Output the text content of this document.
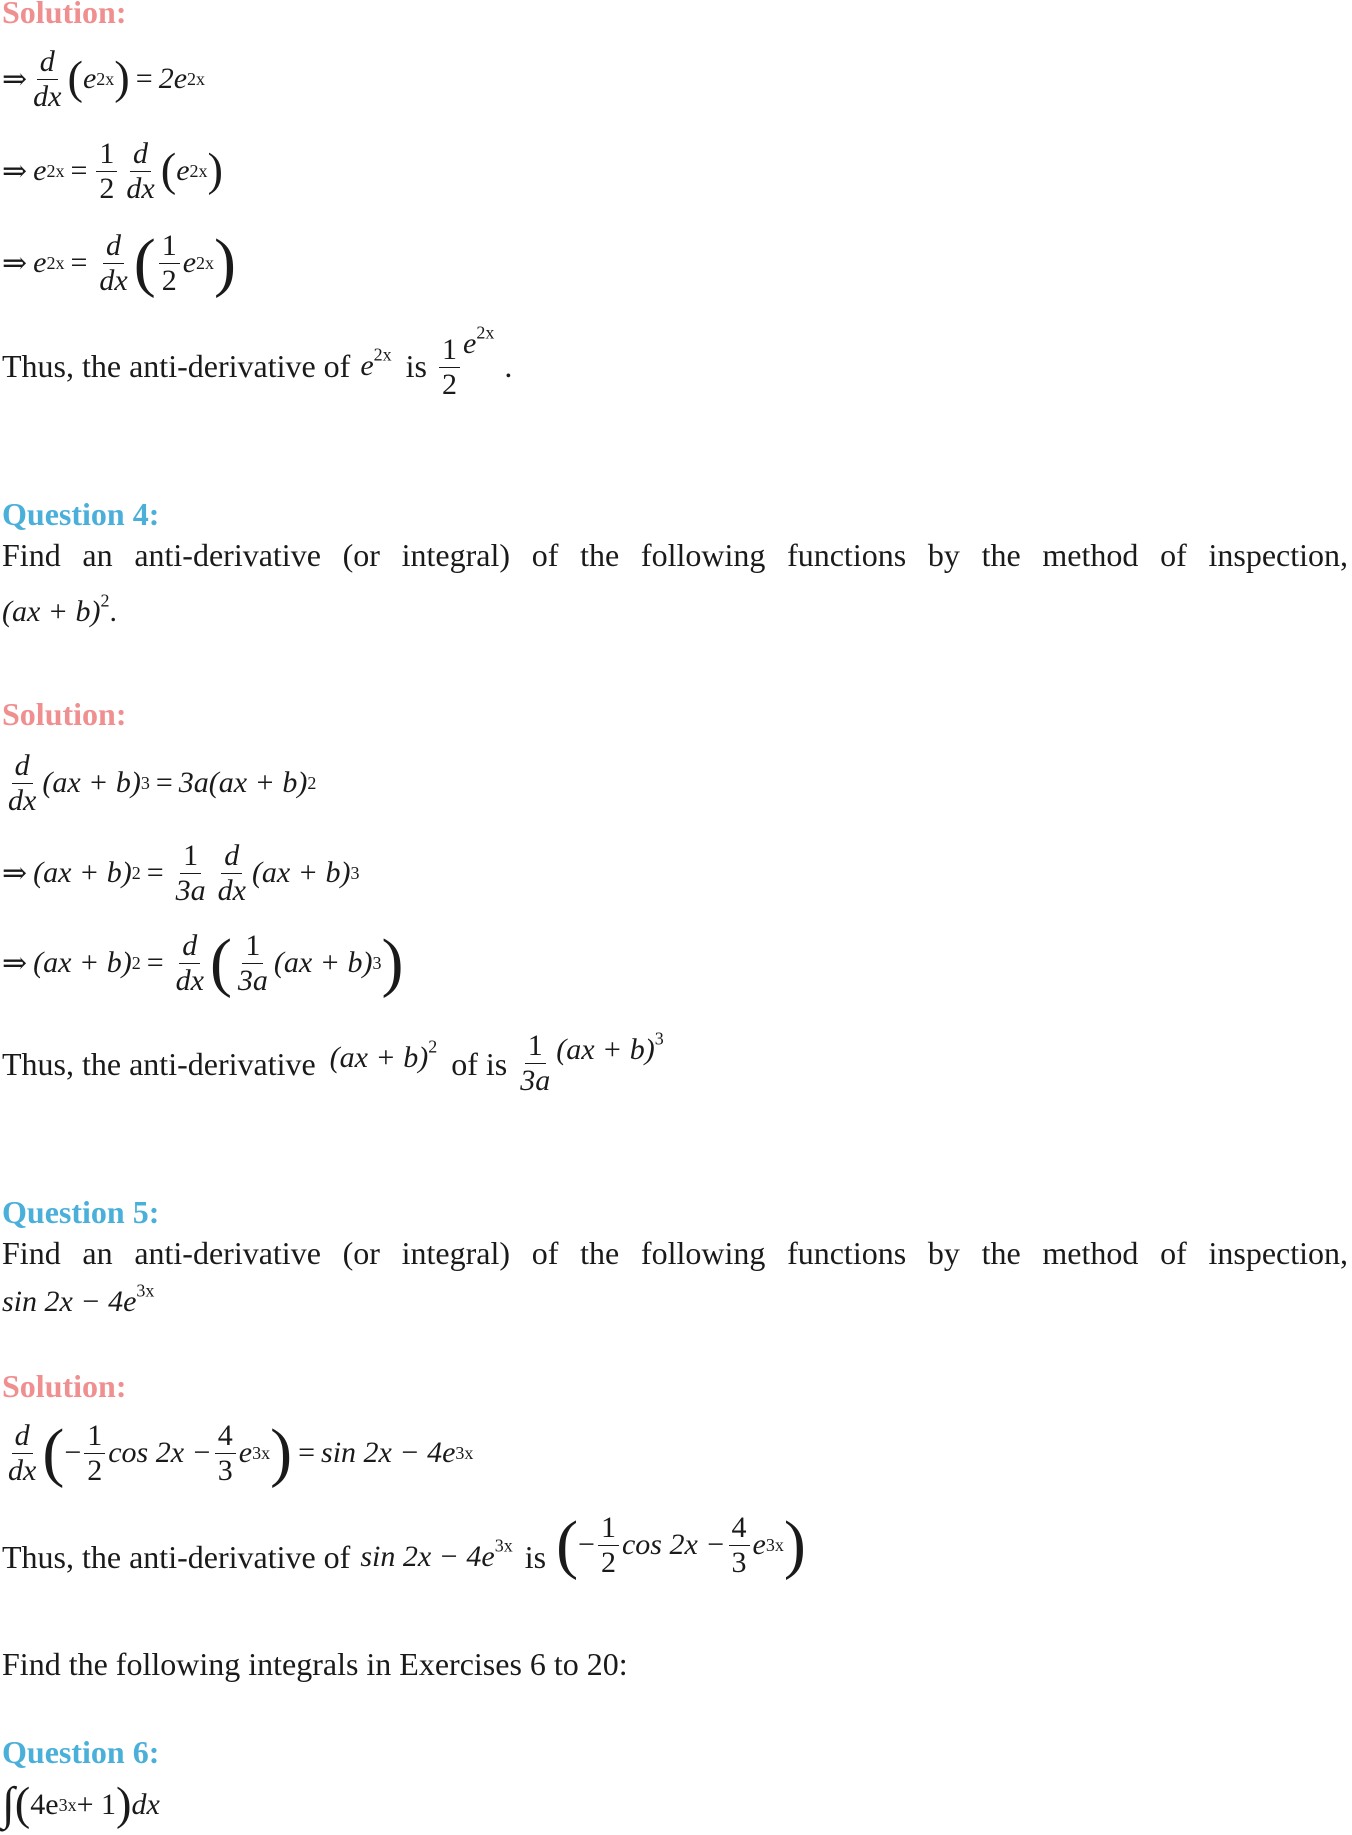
Solution:
⇒ $\frac{d}{dx}$ ( e 2x ) = 2e 2x
⇒ e $2x = \frac{1}{2} \frac{d}{dx}$ ( e 2x )
⇒ e $2x = \frac{d}{dx}$ ( $\frac{1}{2}$ e 2x )
Thus, the anti-derivative of $e^{2x}$ is $\frac{1}{2} e^{2x}$
.
Question 4:
Find an anti-derivative (or integral) of the following functions by the method of inspection,
(ax + b)$^2$.
Solution:
$\frac{d}{dx} (ax + b) 3 = 3a(ax + b)$ 2
⇒ (ax + b) $2 = \frac{1}{3a} \frac{d}{dx} (ax + b)$ 3
⇒ (ax + b) $2 = \frac{d}{dx}$ ( $\frac{1}{3a} (ax + b)$ 3 )
Thus, the anti-derivative (ax + b)$^2$ of is $\frac{1}{3a} (ax + b)^3$
Question 5:
Find an anti-derivative (or integral) of the following functions by the method of inspection,
$\sin 2x - 4e^{3x}$
Solution:
$\frac{d}{dx}$ ( − $\frac{1}{2}$ $\cos 2x - \frac{4}{3}$ e 3x ) = sin 2x − 4e 3x
Thus, the anti-derivative of $\sin 2x - 4e^{3x}$ is ( − $\frac{1}{2}$ $\cos 2x - \frac{4}{3}$ e 3x )
Find the following integrals in Exercises 6 to 20:
Question 6:
∫ ( 4e 3x + 1 ) dx
